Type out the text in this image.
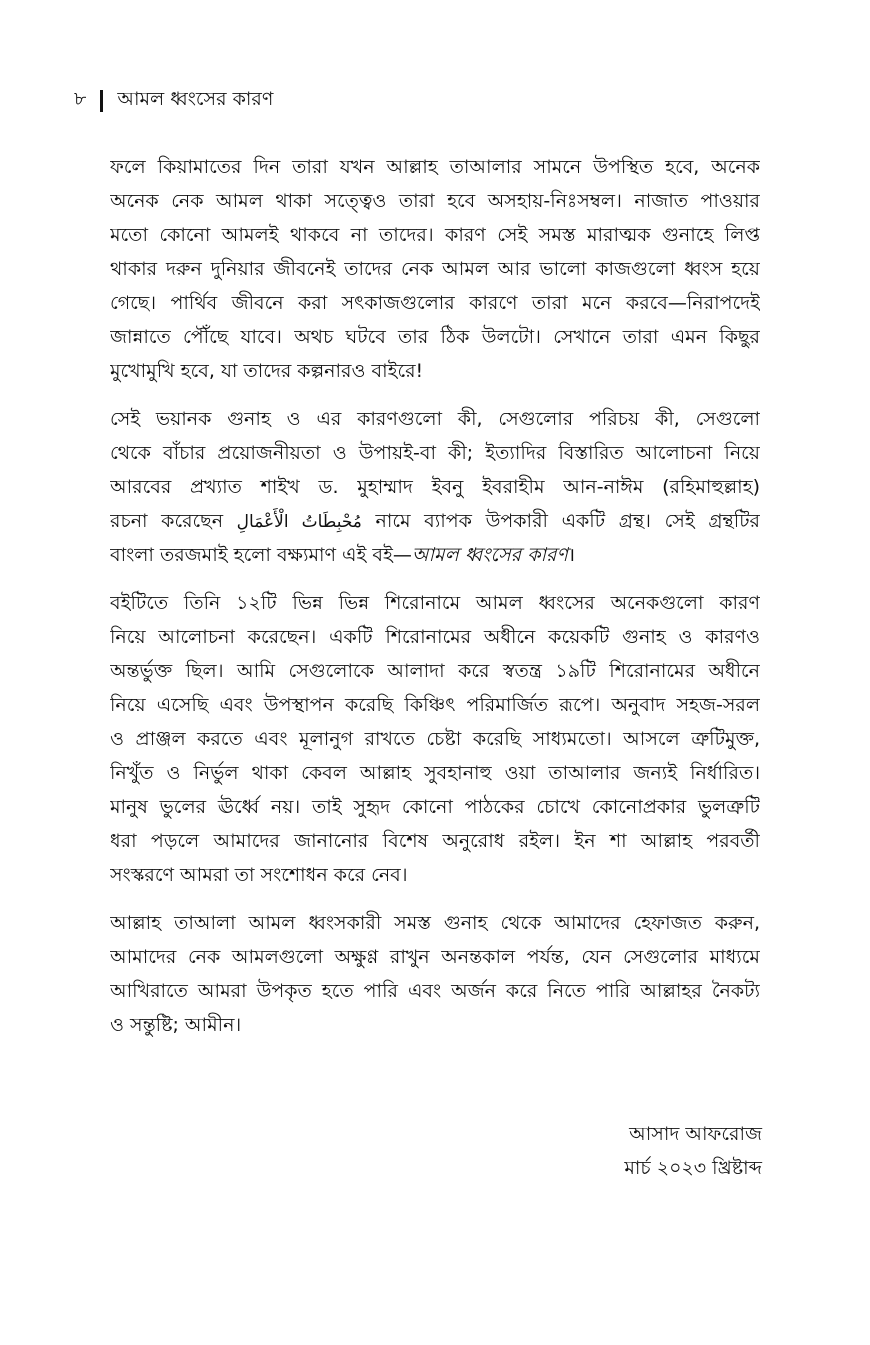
৮ আমল ধ্বংসের কারণ
ফলে কিয়ামাতের দিন তারা যখন আল্লাহ তাআলার সামনে উপস্থিত হবে, অনেক
অনেক নেক আমল থাকা সত্ত্বেও তারা হবে অসহায়-নিঃসম্বল। নাজাত পাওয়ার
মতো কোনো আমলই থাকবে না তাদের। কারণ সেই সমস্ত মারাত্মক গুনাহে লিপ্ত
থাকার দরুন দুনিয়ার জীবনেই তাদের নেক আমল আর ভালো কাজগুলো ধ্বংস হয়ে
গেছে। পার্থিব জীবনে করা সৎকাজগুলোর কারণে তারা মনে করবে—নিরাপদেই
জান্নাতে পৌঁছে যাবে। অথচ ঘটবে তার ঠিক উলটো। সেখানে তারা এমন কিছুর
মুখোমুখি হবে, যা তাদের কল্পনারও বাইরে!
সেই ভয়ানক গুনাহ ও এর কারণগুলো কী, সেগুলোর পরিচয় কী, সেগুলো
থেকে বাঁচার প্রয়োজনীয়তা ও উপায়ই-বা কী; ইত্যাদির বিস্তারিত আলোচনা নিয়ে
আরবের প্রখ্যাত শাইখ ড. মুহাম্মাদ ইবনু ইবরাহীম আন-নাঈম (রহিমাহুল্লাহ)
রচনা করেছেন مُحْبِطَاتُ الْأَعْمَالِ নামে ব্যাপক উপকারী একটি গ্রন্থ। সেই গ্রন্থটির
বাংলা তরজমাই হলো বক্ষ্যমাণ এই বই—আমল ধ্বংসের কারণ।
বইটিতে তিনি ১২টি ভিন্ন ভিন্ন শিরোনামে আমল ধ্বংসের অনেকগুলো কারণ
নিয়ে আলোচনা করেছেন। একটি শিরোনামের অধীনে কয়েকটি গুনাহ ও কারণও
অন্তর্ভুক্ত ছিল। আমি সেগুলোকে আলাদা করে স্বতন্ত্র ১৯টি শিরোনামের অধীনে
নিয়ে এসেছি এবং উপস্থাপন করেছি কিঞ্চিৎ পরিমার্জিত রূপে। অনুবাদ সহজ-সরল
ও প্রাঞ্জল করতে এবং মূলানুগ রাখতে চেষ্টা করেছি সাধ্যমতো। আসলে ত্রুটিমুক্ত,
নিখুঁত ও নির্ভুল থাকা কেবল আল্লাহ সুবহানাহু ওয়া তাআলার জন্যই নির্ধারিত।
মানুষ ভুলের ঊর্ধ্বে নয়। তাই সুহৃদ কোনো পাঠকের চোখে কোনোপ্রকার ভুলত্রুটি
ধরা পড়লে আমাদের জানানোর বিশেষ অনুরোধ রইল। ইন শা আল্লাহ পরবর্তী
সংস্করণে আমরা তা সংশোধন করে নেব।
আল্লাহ তাআলা আমল ধ্বংসকারী সমস্ত গুনাহ থেকে আমাদের হেফাজত করুন,
আমাদের নেক আমলগুলো অক্ষুণ্ণ রাখুন অনন্তকাল পর্যন্ত, যেন সেগুলোর মাধ্যমে
আখিরাতে আমরা উপকৃত হতে পারি এবং অর্জন করে নিতে পারি আল্লাহর নৈকট্য
ও সন্তুষ্টি; আমীন।
আসাদ আফরোজ
মার্চ ২০২৩ খ্রিষ্টাব্দ
